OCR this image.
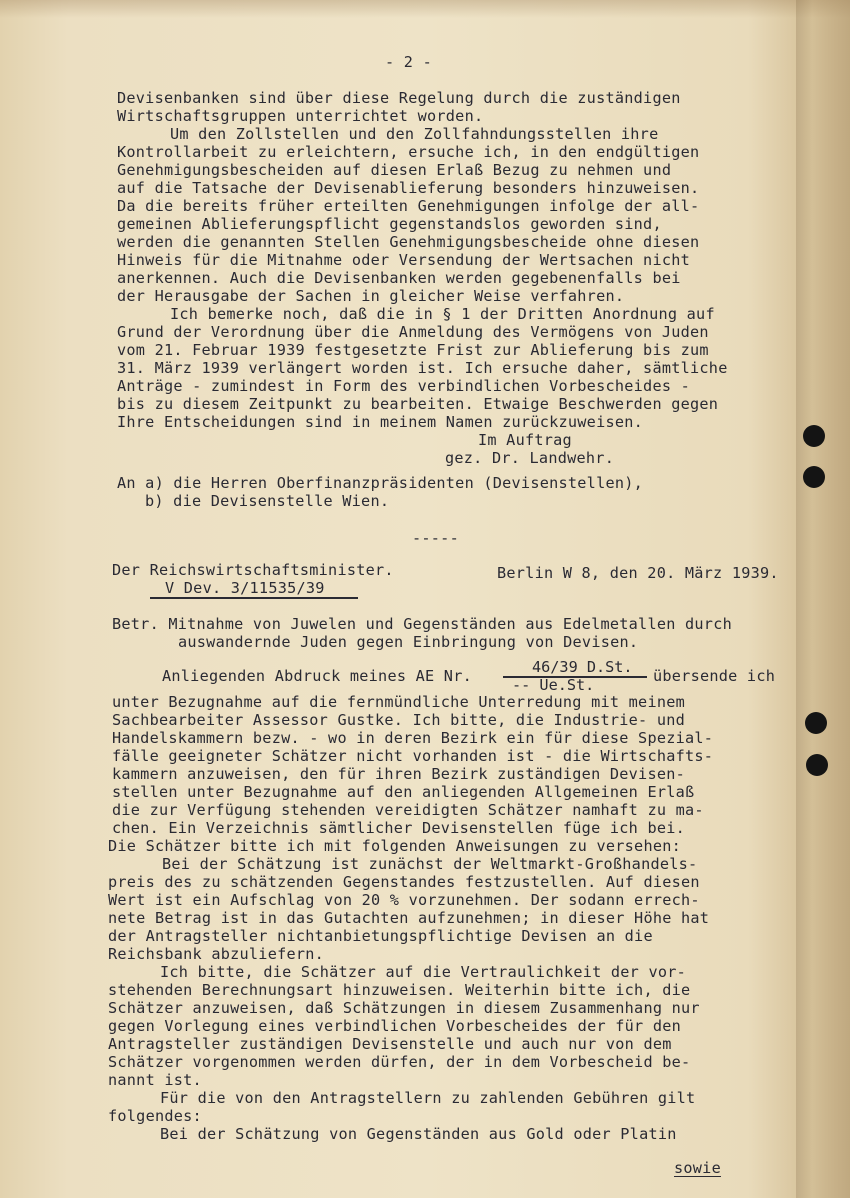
- 2 -
Devisenbanken sind über diese Regelung durch die zuständigen
Wirtschaftsgruppen unterrichtet worden.
Um den Zollstellen und den Zollfahndungsstellen ihre
Kontrollarbeit zu erleichtern, ersuche ich, in den endgültigen
Genehmigungsbescheiden auf diesen Erlaß Bezug zu nehmen und
auf die Tatsache der Devisenablieferung besonders hinzuweisen.
Da die bereits früher erteilten Genehmigungen infolge der all-
gemeinen Ablieferungspflicht gegenstandslos geworden sind,
werden die genannten Stellen Genehmigungsbescheide ohne diesen
Hinweis für die Mitnahme oder Versendung der Wertsachen nicht
anerkennen. Auch die Devisenbanken werden gegebenenfalls bei
der Herausgabe der Sachen in gleicher Weise verfahren.
Ich bemerke noch, daß die in § 1 der Dritten Anordnung auf
Grund der Verordnung über die Anmeldung des Vermögens von Juden
vom 21. Februar 1939 festgesetzte Frist zur Ablieferung bis zum
31. März 1939 verlängert worden ist. Ich ersuche daher, sämtliche
Anträge - zumindest in Form des verbindlichen Vorbescheides -
bis zu diesem Zeitpunkt zu bearbeiten. Etwaige Beschwerden gegen
Ihre Entscheidungen sind in meinem Namen zurückzuweisen.
Im Auftrag
gez. Dr. Landwehr.
An a) die Herren Oberfinanzpräsidenten (Devisenstellen),
b) die Devisenstelle Wien.
-----
Der Reichswirtschaftsminister.	Berlin W 8, den 20. März 1939.
V Dev. 3/11535/39
Betr. Mitnahme von Juwelen und Gegenständen aus Edelmetallen durch
auswandernde Juden gegen Einbringung von Devisen.
Anliegenden Abdruck meines AE Nr.	46/39 D.St.
-- Ue.St.	übersende ich
unter Bezugnahme auf die fernmündliche Unterredung mit meinem
Sachbearbeiter Assessor Gustke. Ich bitte, die Industrie- und
Handelskammern bezw. - wo in deren Bezirk ein für diese Spezial-
fälle geeigneter Schätzer nicht vorhanden ist - die Wirtschafts-
kammern anzuweisen, den für ihren Bezirk zuständigen Devisen-
stellen unter Bezugnahme auf den anliegenden Allgemeinen Erlaß
die zur Verfügung stehenden vereidigten Schätzer namhaft zu ma-
chen. Ein Verzeichnis sämtlicher Devisenstellen füge ich bei.
Die Schätzer bitte ich mit folgenden Anweisungen zu versehen:
Bei der Schätzung ist zunächst der Weltmarkt-Großhandels-
preis des zu schätzenden Gegenstandes festzustellen. Auf diesen
Wert ist ein Aufschlag von 20 % vorzunehmen. Der sodann errech-
nete Betrag ist in das Gutachten aufzunehmen; in dieser Höhe hat
der Antragsteller nichtanbietungspflichtige Devisen an die
Reichsbank abzuliefern.
Ich bitte, die Schätzer auf die Vertraulichkeit der vor-
stehenden Berechnungsart hinzuweisen. Weiterhin bitte ich, die
Schätzer anzuweisen, daß Schätzungen in diesem Zusammenhang nur
gegen Vorlegung eines verbindlichen Vorbescheides der für den
Antragsteller zuständigen Devisenstelle und auch nur von dem
Schätzer vorgenommen werden dürfen, der in dem Vorbescheid be-
nannt ist.
Für die von den Antragstellern zu zahlenden Gebühren gilt
folgendes:
Bei der Schätzung von Gegenständen aus Gold oder Platin
sowie
